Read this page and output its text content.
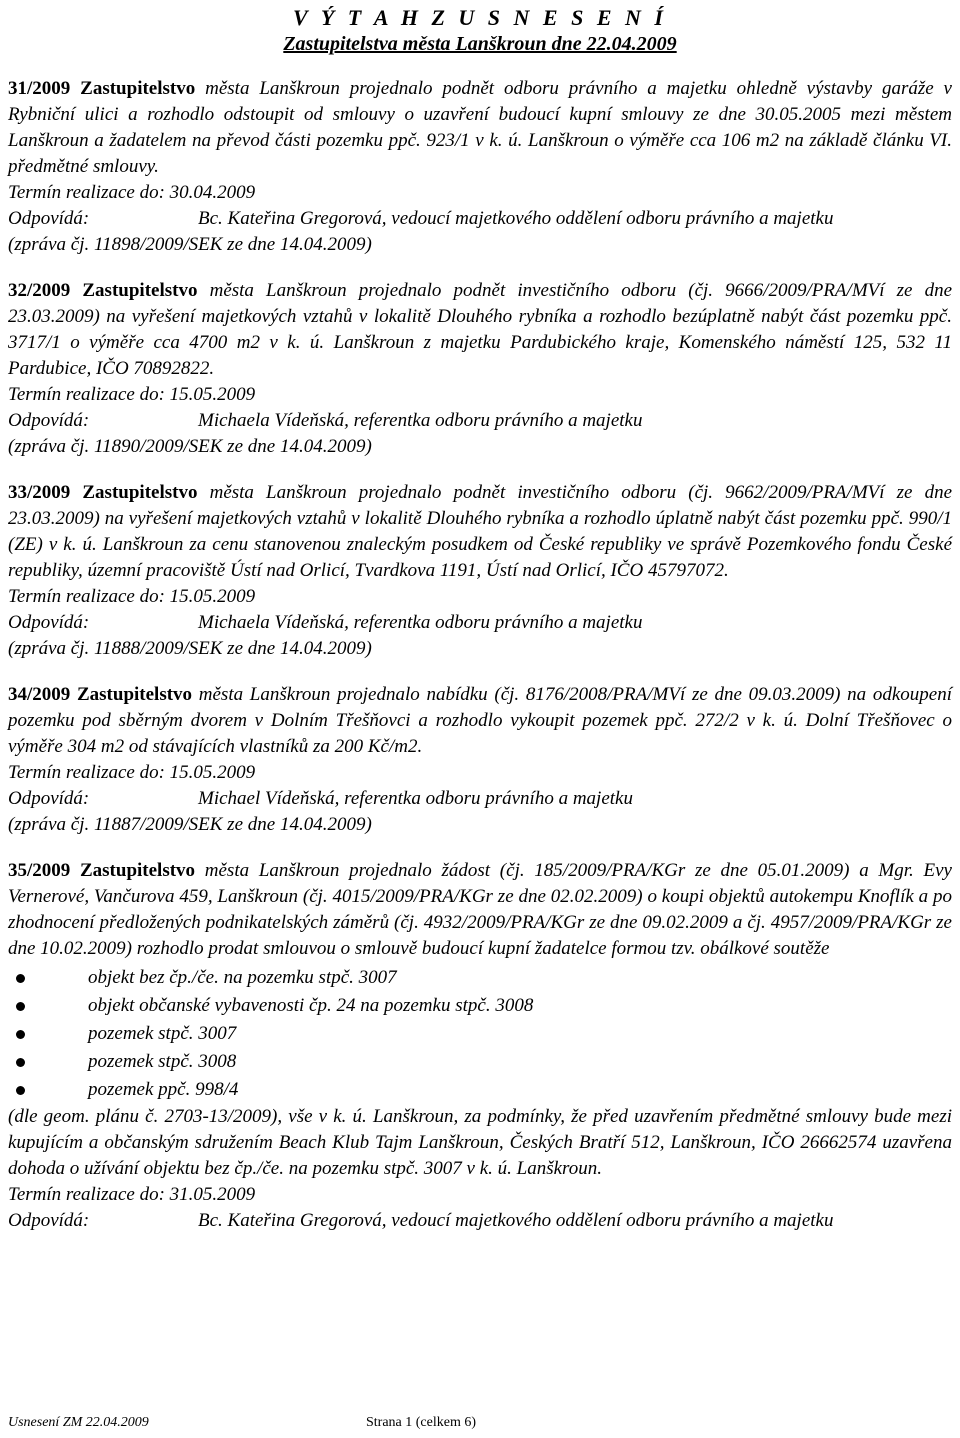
V Ý T A H Z U S N E S E N Í
Zastupitelstva města Lanškroun dne 22.04.2009
31/2009 Zastupitelstvo města Lanškroun projednalo podnět odboru právního a majetku ohledně výstavby garáže v Rybniční ulici a rozhodlo odstoupit od smlouvy o uzavření budoucí kupní smlouvy ze dne 30.05.2005 mezi městem Lanškroun a žadatelem na převod části pozemku ppč. 923/1 v k. ú. Lanškroun o výměře cca 106 m2 na základě článku VI. předmětné smlouvy.
Termín realizace do: 30.04.2009
Odpovídá:	Bc. Kateřina Gregorová, vedoucí majetkového oddělení odboru právního a majetku
(zpráva čj. 11898/2009/SEK ze dne 14.04.2009)
32/2009 Zastupitelstvo města Lanškroun projednalo podnět investičního odboru (čj. 9666/2009/PRA/MVí ze dne 23.03.2009) na vyřešení majetkových vztahů v lokalitě Dlouhého rybníka a rozhodlo bezúplatně nabýt část pozemku ppč. 3717/1 o výměře cca 4700 m2 v k. ú. Lanškroun z majetku Pardubického kraje, Komenského náměstí 125, 532 11 Pardubice, IČO 70892822.
Termín realizace do: 15.05.2009
Odpovídá:	Michaela Vídeňská, referentka odboru právního a majetku
(zpráva čj. 11890/2009/SEK ze dne 14.04.2009)
33/2009 Zastupitelstvo města Lanškroun projednalo podnět investičního odboru (čj. 9662/2009/PRA/MVí ze dne 23.03.2009) na vyřešení majetkových vztahů v lokalitě Dlouhého rybníka a rozhodlo úplatně nabýt část pozemku ppč. 990/1 (ZE) v k. ú. Lanškroun za cenu stanovenou znaleckým posudkem od České republiky ve správě Pozemkového fondu České republiky, územní pracoviště Ústí nad Orlicí, Tvardkova 1191, Ústí nad Orlicí, IČO 45797072.
Termín realizace do: 15.05.2009
Odpovídá:	Michaela Vídeňská, referentka odboru právního a majetku
(zpráva čj. 11888/2009/SEK ze dne 14.04.2009)
34/2009 Zastupitelstvo města Lanškroun projednalo nabídku (čj. 8176/2008/PRA/MVí ze dne 09.03.2009) na odkoupení pozemku pod sběrným dvorem v Dolním Třešňovci a rozhodlo vykoupit pozemek ppč. 272/2 v k. ú. Dolní Třešňovec o výměře 304 m2 od stávajících vlastníků za 200 Kč/m2.
Termín realizace do: 15.05.2009
Odpovídá:	Michael Vídeňská, referentka odboru právního a majetku
(zpráva čj. 11887/2009/SEK ze dne 14.04.2009)
35/2009 Zastupitelstvo města Lanškroun projednalo žádost (čj. 185/2009/PRA/KGr ze dne 05.01.2009) a Mgr. Evy Vernerové, Vančurova 459, Lanškroun (čj. 4015/2009/PRA/KGr ze dne 02.02.2009) o koupi objektů autokempu Knoflík a po zhodnocení předložených podnikatelských záměrů (čj. 4932/2009/PRA/KGr ze dne 09.02.2009 a čj. 4957/2009/PRA/KGr ze dne 10.02.2009) rozhodlo prodat smlouvou o smlouvě budoucí kupní žadatelce formou tzv. obálkové soutěže
objekt bez čp./če. na pozemku stpč. 3007
objekt občanské vybavenosti čp. 24 na pozemku stpč. 3008
pozemek stpč. 3007
pozemek stpč. 3008
pozemek ppč. 998/4
(dle geom. plánu č. 2703-13/2009), vše v k. ú. Lanškroun, za podmínky, že před uzavřením předmětné smlouvy bude mezi kupujícím a občanským sdružením Beach Klub Tajm Lanškroun, Českých Bratří 512, Lanškroun, IČO 26662574 uzavřena dohoda o užívání objektu bez čp./če. na pozemku stpč. 3007 v k. ú. Lanškroun.
Termín realizace do: 31.05.2009
Odpovídá:	Bc. Kateřina Gregorová, vedoucí majetkového oddělení odboru právního a majetku
Usnesení ZM 22.04.2009	Strana 1 (celkem 6)
